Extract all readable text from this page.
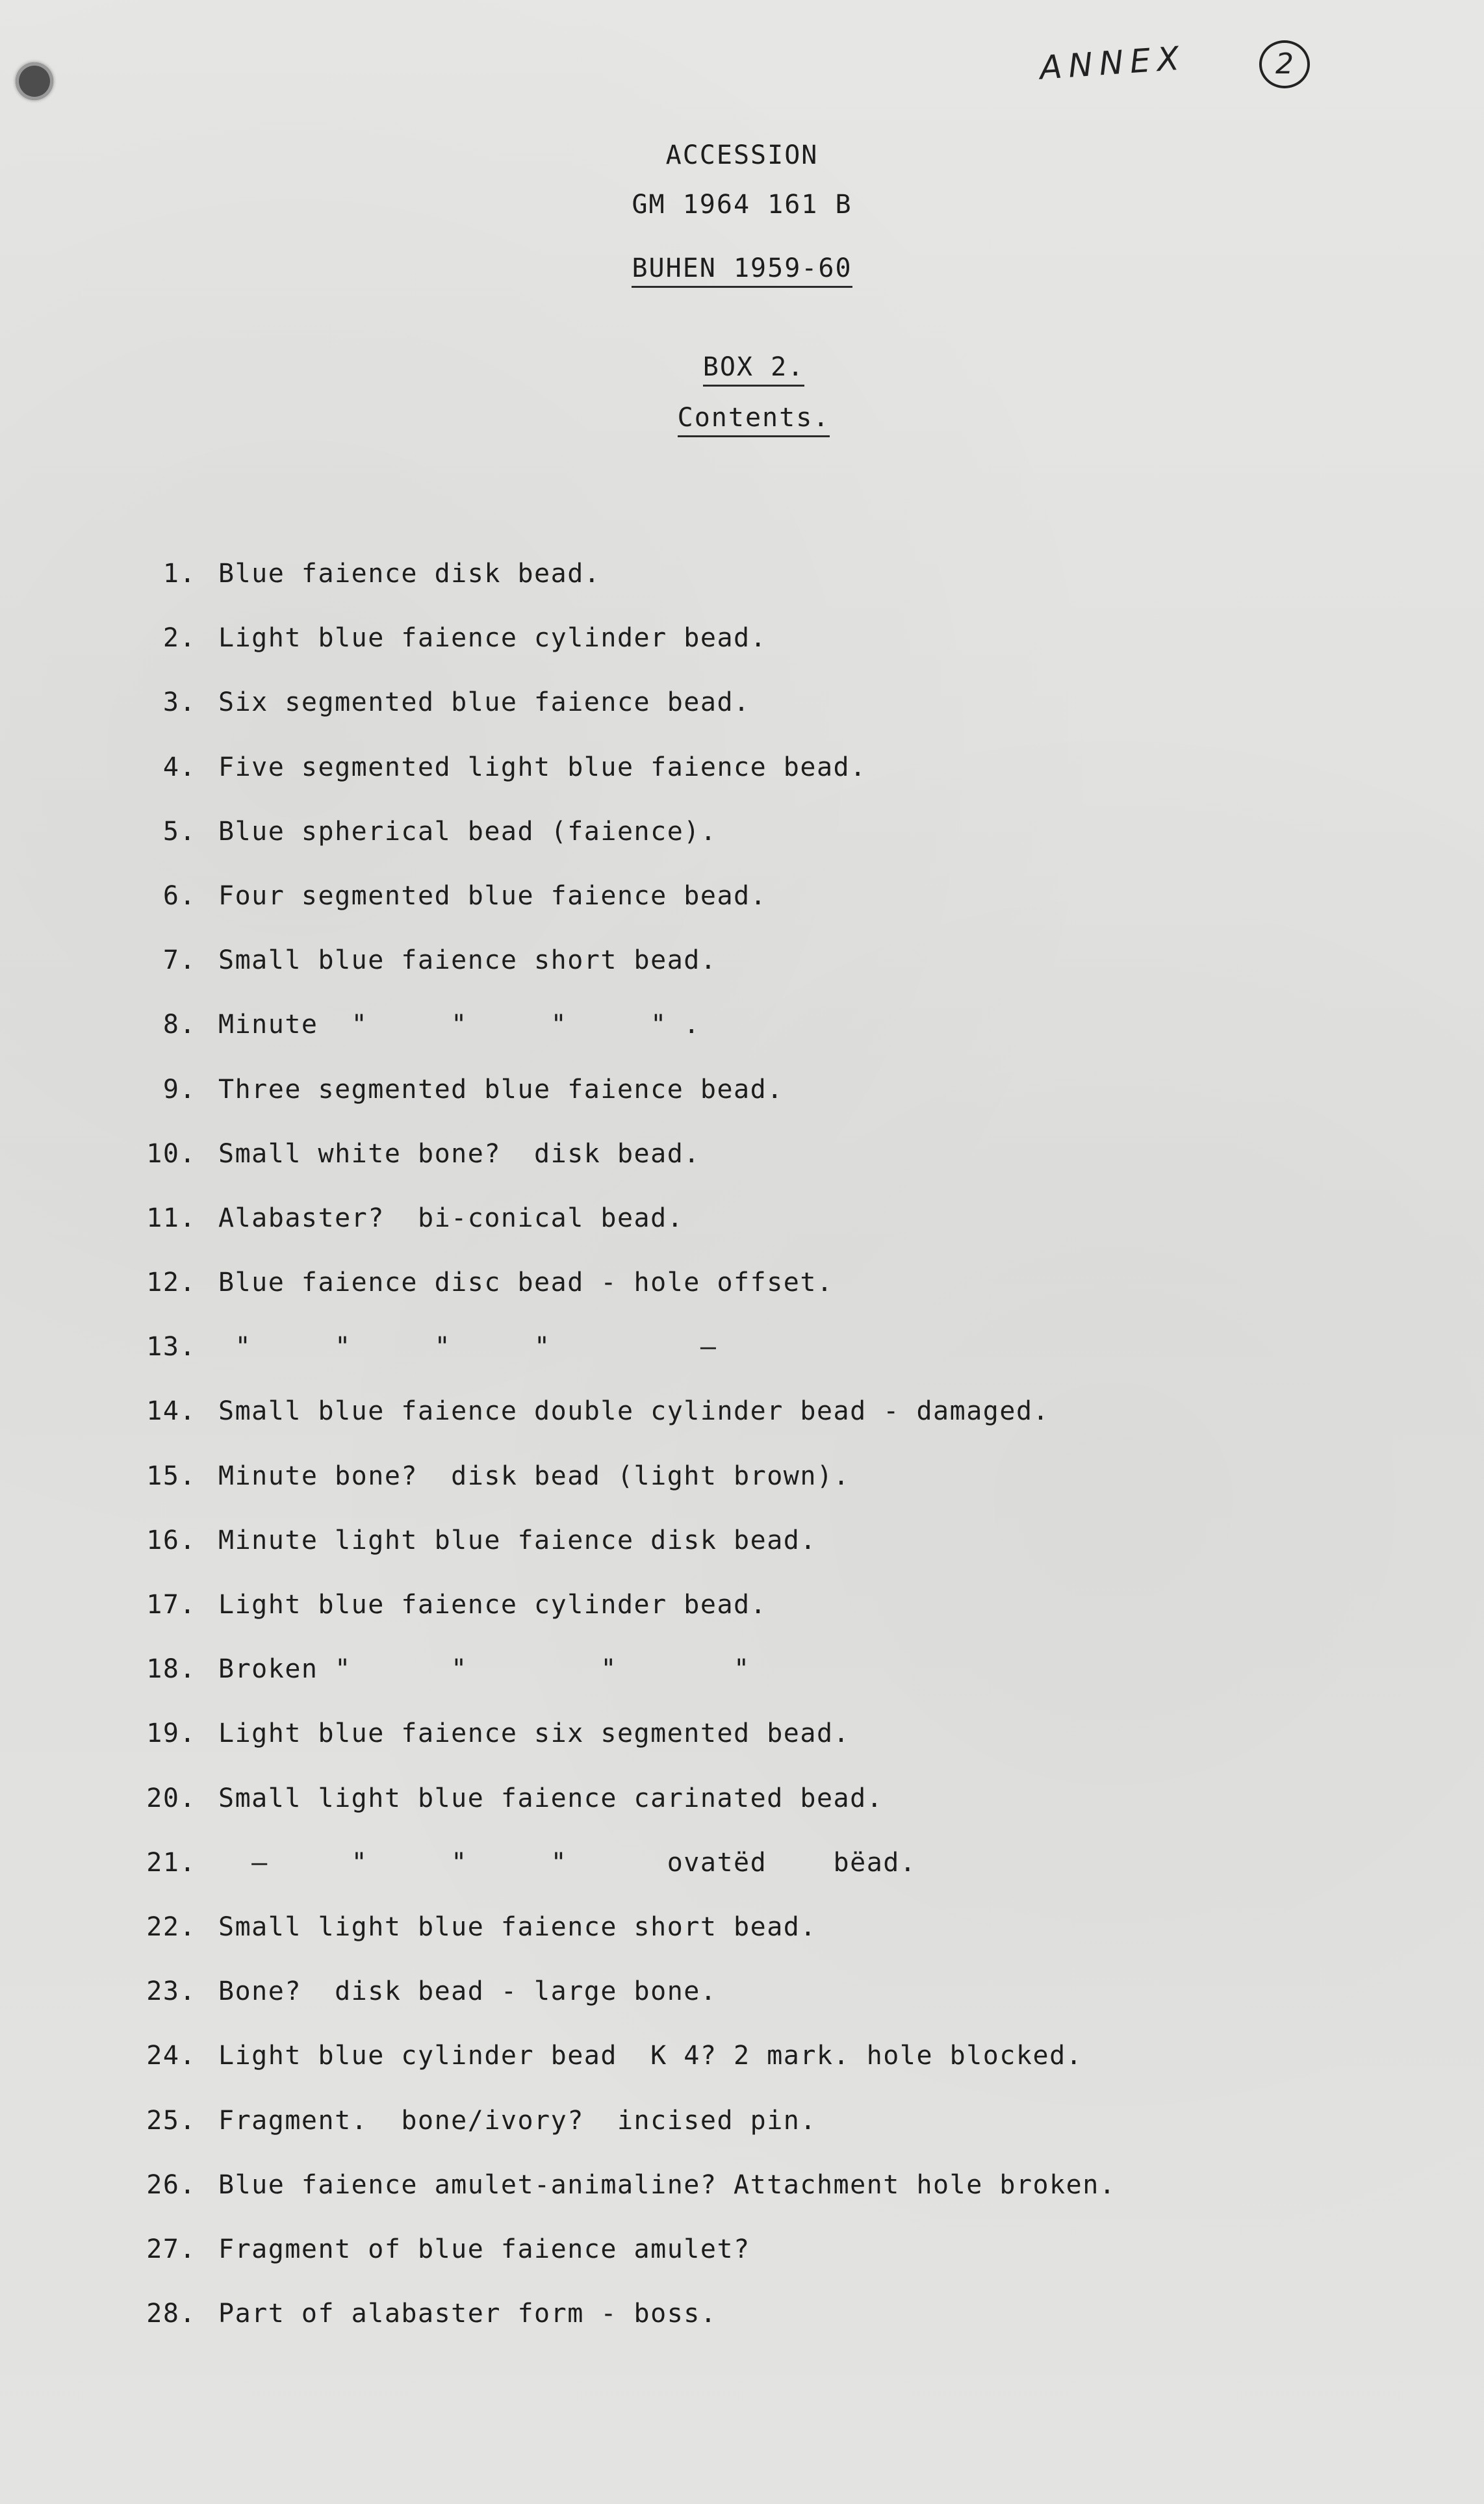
ANNEX	2
ACCESSION
GM 1964 161 B
BUHEN 1959-60
BOX 2.
Contents.
1. Blue faience disk bead.
2. Light blue faience cylinder bead.
3. Six segmented blue faience bead.
4. Five segmented light blue faience bead.
5. Blue spherical bead (faience).
6. Four segmented blue faience bead.
7. Small blue faience short bead.
8. Minute  "     "     "     " .
9. Three segmented blue faience bead.
10. Small white bone?  disk bead.
11. Alabaster?  bi-conical bead.
12. Blue faience disc bead - hole offset.
13. "     "     "     "         —
14. Small blue faience double cylinder bead - damaged.
15. Minute bone?  disk bead (light brown).
16. Minute light blue faience disk bead.
17. Light blue faience cylinder bead.
18. Broken "      "        "       "
19. Light blue faience six segmented bead.
20. Small light blue faience carinated bead.
21. —     "     "     "      ovatëd    bëad.
22. Small light blue faience short bead.
23. Bone?  disk bead - large bone.
24. Light blue cylinder bead  K 4? 2 mark. hole blocked.
25. Fragment.  bone/ivory?  incised pin.
26. Blue faience amulet-animaline? Attachment hole broken.
27. Fragment of blue faience amulet?
28. Part of alabaster form - boss.
